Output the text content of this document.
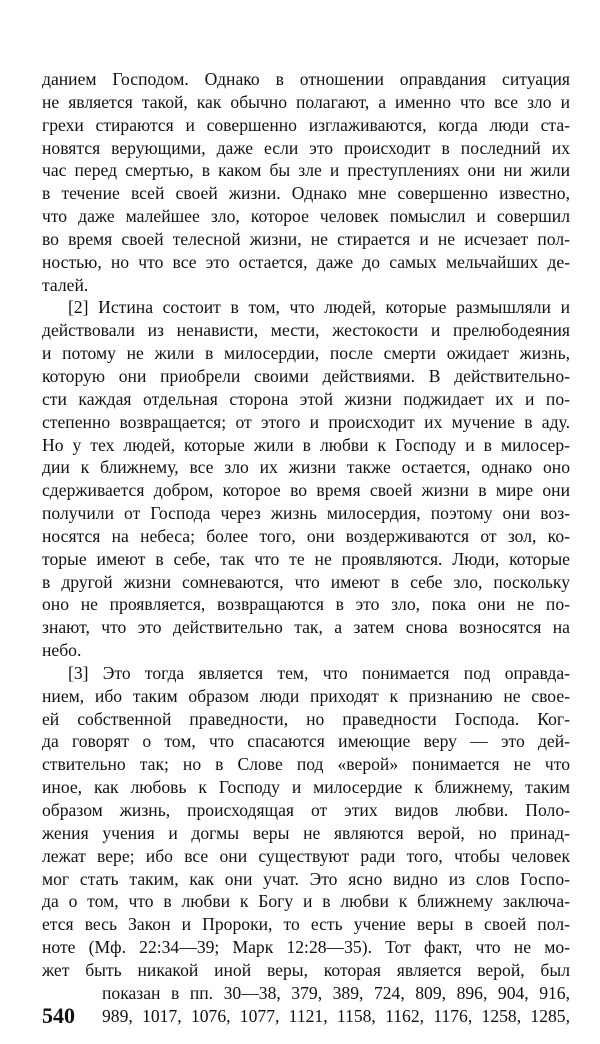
данием Господом. Однако в отношении оправдания ситуация
не является такой, как обычно полагают, а именно что все зло и
грехи стираются и совершенно изглаживаются, когда люди ста-
новятся верующими, даже если это происходит в последний их
час перед смертью, в каком бы зле и преступлениях они ни жили
в течение всей своей жизни. Однако мне совершенно известно,
что даже малейшее зло, которое человек помыслил и совершил
во время своей телесной жизни, не стирается и не исчезает пол-
ностью, но что все это остается, даже до самых мельчайших де-
талей.
[2] Истина состоит в том, что людей, которые размышляли и
действовали из ненависти, мести, жестокости и прелюбодеяния
и потому не жили в милосердии, после смерти ожидает жизнь,
которую они приобрели своими действиями. В действительно-
сти каждая отдельная сторона этой жизни поджидает их и по-
степенно возвращается; от этого и происходит их мучение в аду.
Но у тех людей, которые жили в любви к Господу и в милосер-
дии к ближнему, все зло их жизни также остается, однако оно
сдерживается добром, которое во время своей жизни в мире они
получили от Господа через жизнь милосердия, поэтому они воз-
носятся на небеса; более того, они воздерживаются от зол, ко-
торые имеют в себе, так что те не проявляются. Люди, которые
в другой жизни сомневаются, что имеют в себе зло, поскольку
оно не проявляется, возвращаются в это зло, пока они не по-
знают, что это действительно так, а затем снова возносятся на
небо.
[3] Это тогда является тем, что понимается под оправда-
нием, ибо таким образом люди приходят к признанию не свое-
ей собственной праведности, но праведности Господа. Ког-
да говорят о том, что спасаются имеющие веру — это дей-
ствительно так; но в Слове под «верой» понимается не что
иное, как любовь к Господу и милосердие к ближнему, таким
образом жизнь, происходящая от этих видов любви. Поло-
жения учения и догмы веры не являются верой, но принад-
лежат вере; ибо все они существуют ради того, чтобы человек
мог стать таким, как они учат. Это ясно видно из слов Госпо-
да о том, что в любви к Богу и в любви к ближнему заключа-
ется весь Закон и Пророки, то есть учение веры в своей пол-
ноте (Мф. 22:34—39; Марк 12:28—35). Тот факт, что не мо-
жет быть никакой иной веры, которая является верой, был
показан в пп. 30—38, 379, 389, 724, 809, 896, 904, 916,
540	989, 1017, 1076, 1077, 1121, 1158, 1162, 1176, 1258, 1285,
